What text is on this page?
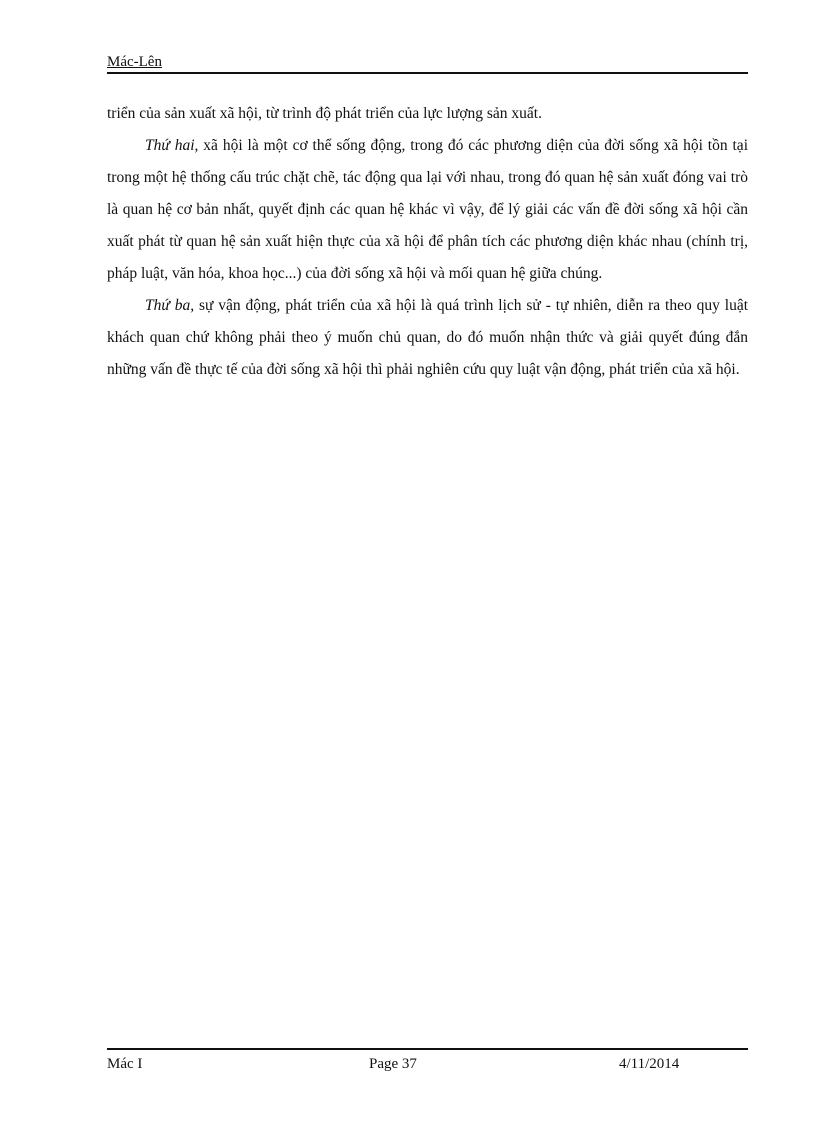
Mác-Lên

triển của sản xuất xã hội, từ trình độ phát triển của lực lượng sản xuất.

Thứ hai, xã hội là một cơ thể sống động, trong đó các phương diện của đời sống xã hội tồn tại trong một hệ thống cấu trúc chặt chẽ, tác động qua lại với nhau, trong đó quan hệ sản xuất đóng vai trò là quan hệ cơ bản nhất, quyết định các quan hệ khác vì vậy, để lý giải các vấn đề đời sống xã hội cần xuất phát từ quan hệ sản xuất hiện thực của xã hội để phân tích các phương diện khác nhau (chính trị, pháp luật, văn hóa, khoa học...) của đời sống xã hội và mối quan hệ giữa chúng.

Thứ ba, sự vận động, phát triển của xã hội là quá trình lịch sử - tự nhiên, diễn ra theo quy luật khách quan chứ không phải theo ý muốn chủ quan, do đó muốn nhận thức và giải quyết đúng đắn những vấn đề thực tế của đời sống xã hội thì phải nghiên cứu quy luật vận động, phát triển của xã hội.

Mác I	Page 37	4/11/2014
